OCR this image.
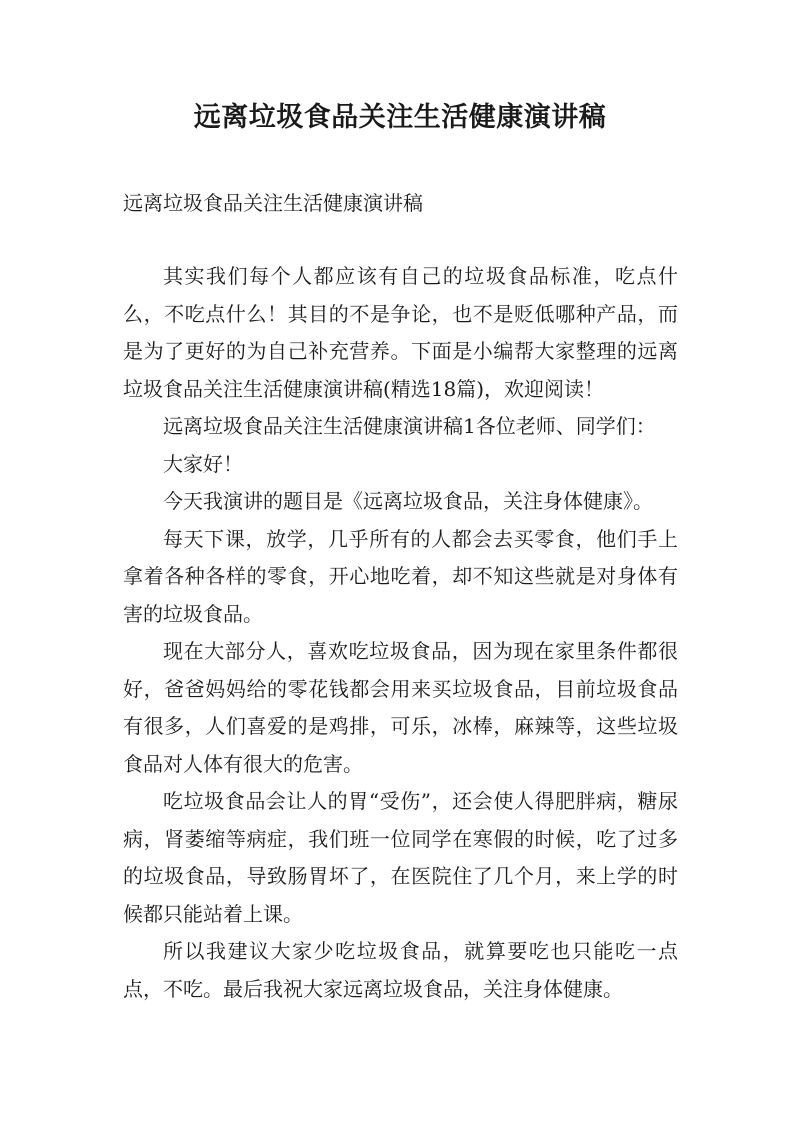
远离垃圾食品关注生活健康演讲稿

远离垃圾食品关注生活健康演讲稿

其实我们每个人都应该有自己的垃圾食品标准，吃点什么，不吃点什么！其目的不是争论，也不是贬低哪种产品，而是为了更好的为自己补充营养。下面是小编帮大家整理的远离垃圾食品关注生活健康演讲稿(精选18篇)，欢迎阅读！

远离垃圾食品关注生活健康演讲稿1各位老师、同学们：

大家好！

今天我演讲的题目是《远离垃圾食品，关注身体健康》。

每天下课，放学，几乎所有的人都会去买零食，他们手上拿着各种各样的零食，开心地吃着，却不知这些就是对身体有害的垃圾食品。

现在大部分人，喜欢吃垃圾食品，因为现在家里条件都很好，爸爸妈妈给的零花钱都会用来买垃圾食品，目前垃圾食品有很多，人们喜爱的是鸡排，可乐，冰棒，麻辣等，这些垃圾食品对人体有很大的危害。

吃垃圾食品会让人的胃“受伤”，还会使人得肥胖病，糖尿病，肾萎缩等病症，我们班一位同学在寒假的时候，吃了过多的垃圾食品，导致肠胃坏了，在医院住了几个月，来上学的时候都只能站着上课。

所以我建议大家少吃垃圾食品，就算要吃也只能吃一点点，不吃。最后我祝大家远离垃圾食品，关注身体健康。
